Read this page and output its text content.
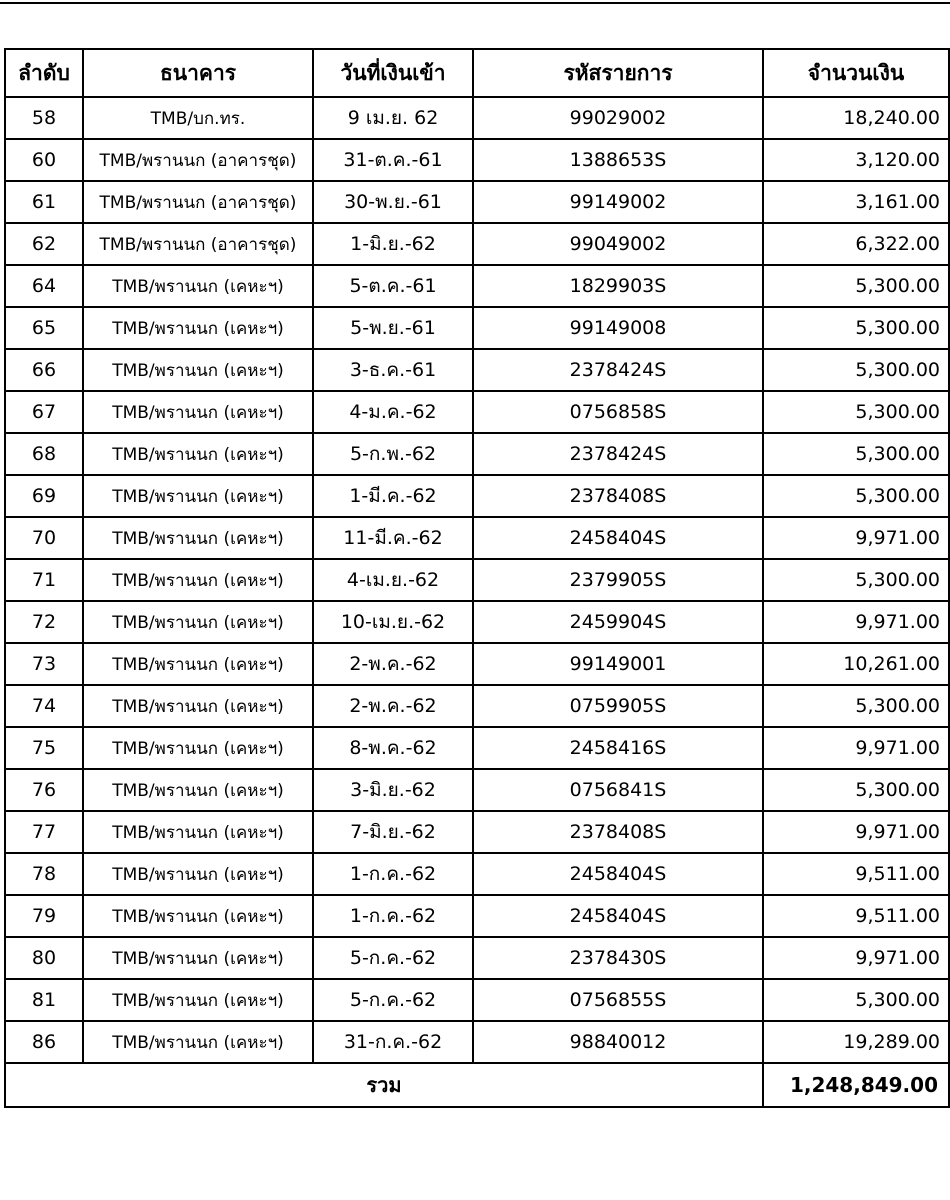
ลำดับ	ธนาคาร	วันที่เงินเข้า	รหัสรายการ	จำนวนเงิน
58	TMB/บก.ทร.	9 เม.ย. 62	99029002	18,240.00
60	TMB/พรานนก (อาคารชุด)	31-ต.ค.-61	1388653S	3,120.00
61	TMB/พรานนก (อาคารชุด)	30-พ.ย.-61	99149002	3,161.00
62	TMB/พรานนก (อาคารชุด)	1-มิ.ย.-62	99049002	6,322.00
64	TMB/พรานนก (เคหะฯ)	5-ต.ค.-61	1829903S	5,300.00
65	TMB/พรานนก (เคหะฯ)	5-พ.ย.-61	99149008	5,300.00
66	TMB/พรานนก (เคหะฯ)	3-ธ.ค.-61	2378424S	5,300.00
67	TMB/พรานนก (เคหะฯ)	4-ม.ค.-62	0756858S	5,300.00
68	TMB/พรานนก (เคหะฯ)	5-ก.พ.-62	2378424S	5,300.00
69	TMB/พรานนก (เคหะฯ)	1-มี.ค.-62	2378408S	5,300.00
70	TMB/พรานนก (เคหะฯ)	11-มี.ค.-62	2458404S	9,971.00
71	TMB/พรานนก (เคหะฯ)	4-เม.ย.-62	2379905S	5,300.00
72	TMB/พรานนก (เคหะฯ)	10-เม.ย.-62	2459904S	9,971.00
73	TMB/พรานนก (เคหะฯ)	2-พ.ค.-62	99149001	10,261.00
74	TMB/พรานนก (เคหะฯ)	2-พ.ค.-62	0759905S	5,300.00
75	TMB/พรานนก (เคหะฯ)	8-พ.ค.-62	2458416S	9,971.00
76	TMB/พรานนก (เคหะฯ)	3-มิ.ย.-62	0756841S	5,300.00
77	TMB/พรานนก (เคหะฯ)	7-มิ.ย.-62	2378408S	9,971.00
78	TMB/พรานนก (เคหะฯ)	1-ก.ค.-62	2458404S	9,511.00
79	TMB/พรานนก (เคหะฯ)	1-ก.ค.-62	2458404S	9,511.00
80	TMB/พรานนก (เคหะฯ)	5-ก.ค.-62	2378430S	9,971.00
81	TMB/พรานนก (เคหะฯ)	5-ก.ค.-62	0756855S	5,300.00
86	TMB/พรานนก (เคหะฯ)	31-ก.ค.-62	98840012	19,289.00
รวม				1,248,849.00
